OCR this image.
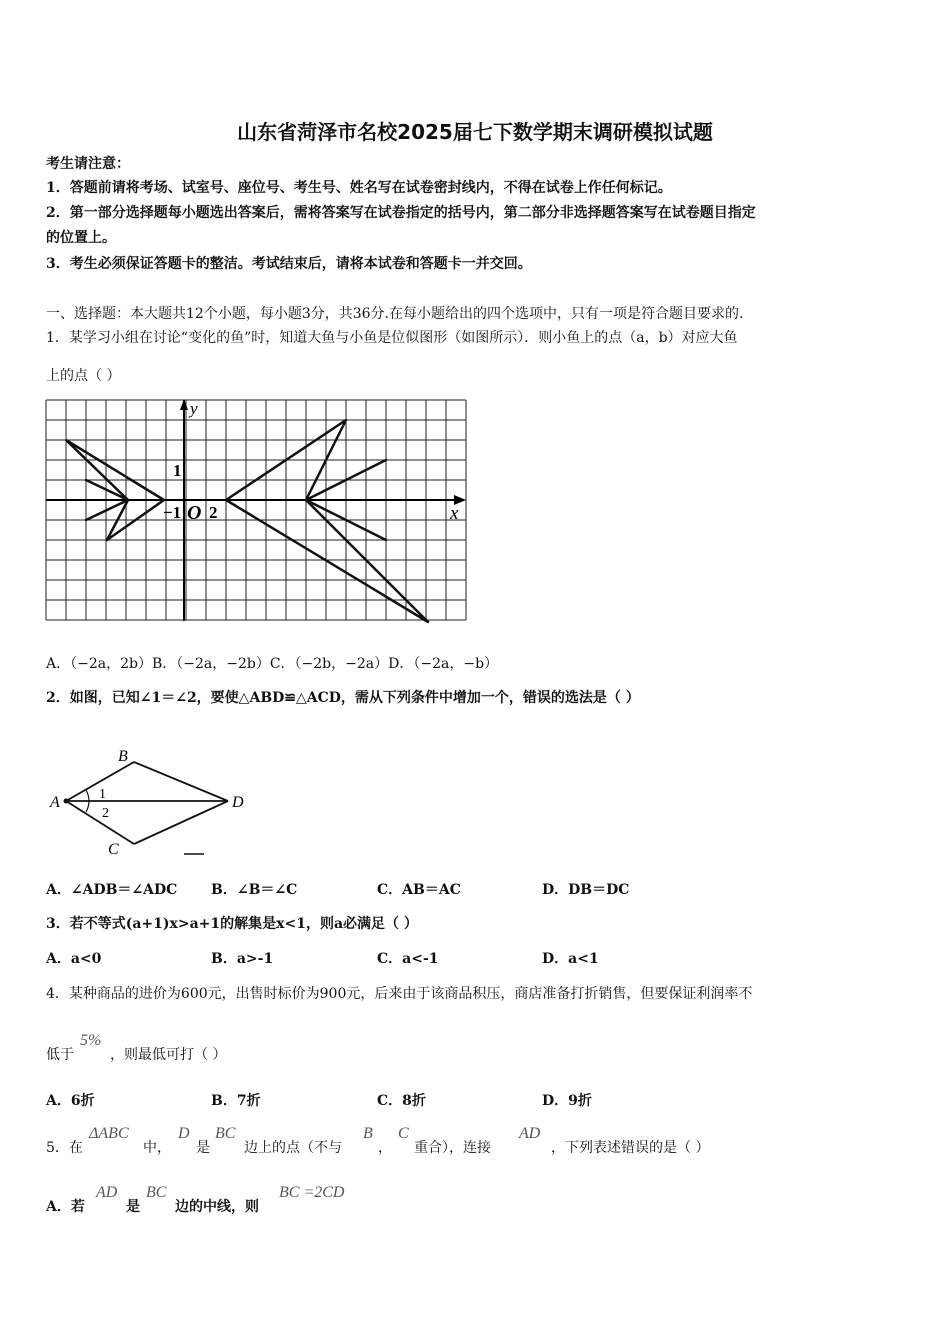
山东省菏泽市名校2025届七下数学期末调研模拟试题
考生请注意：
1．答题前请将考场、试室号、座位号、考生号、姓名写在试卷密封线内，不得在试卷上作任何标记。
2．第一部分选择题每小题选出答案后，需将答案写在试卷指定的括号内，第二部分非选择题答案写在试卷题目指定
的位置上。
3．考生必须保证答题卡的整洁。考试结束后，请将本试卷和答题卡一并交回。
一、选择题：本大题共12个小题，每小题3分，共36分.在每小题给出的四个选项中，只有一项是符合题目要求的.
1．某学习小组在讨论“变化的鱼”时，知道大鱼与小鱼是位似图形（如图所示）．则小鱼上的点（a，b）对应大鱼
上的点（ ）
y
x
1
−1 O 2
A．（−2a，2b）B．（−2a，−2b）C．（−2b，−2a）D．（−2a，−b）
2．如图，已知∠1＝∠2，要使△ABD≌△ACD，需从下列条件中增加一个，错误的选法是（ ）
B
A	D
C
1
2
A．∠ADB＝∠ADC B．∠B＝∠C	C．AB＝AC	D．DB＝DC
3．若不等式(a+1)x>a+1的解集是x<1，则a必满足（ ）
A．a<0	B．a>-1	C．a<-1	D．a<1
4．某种商品的进价为600元，出售时标价为900元，后来由于该商品积压，商店准备打折销售，但要保证利润率不
低于
5%
，则最低可打（ ）
A．6折	B．7折	C．8折	D．9折
5．在
ΔABC
中，
D
是
BC
边上的点（不与
B
，
C
重合），连接
AD
，下列表述错误的是（ ）
A．若
AD
是
BC
边的中线，则
BC =2CD
